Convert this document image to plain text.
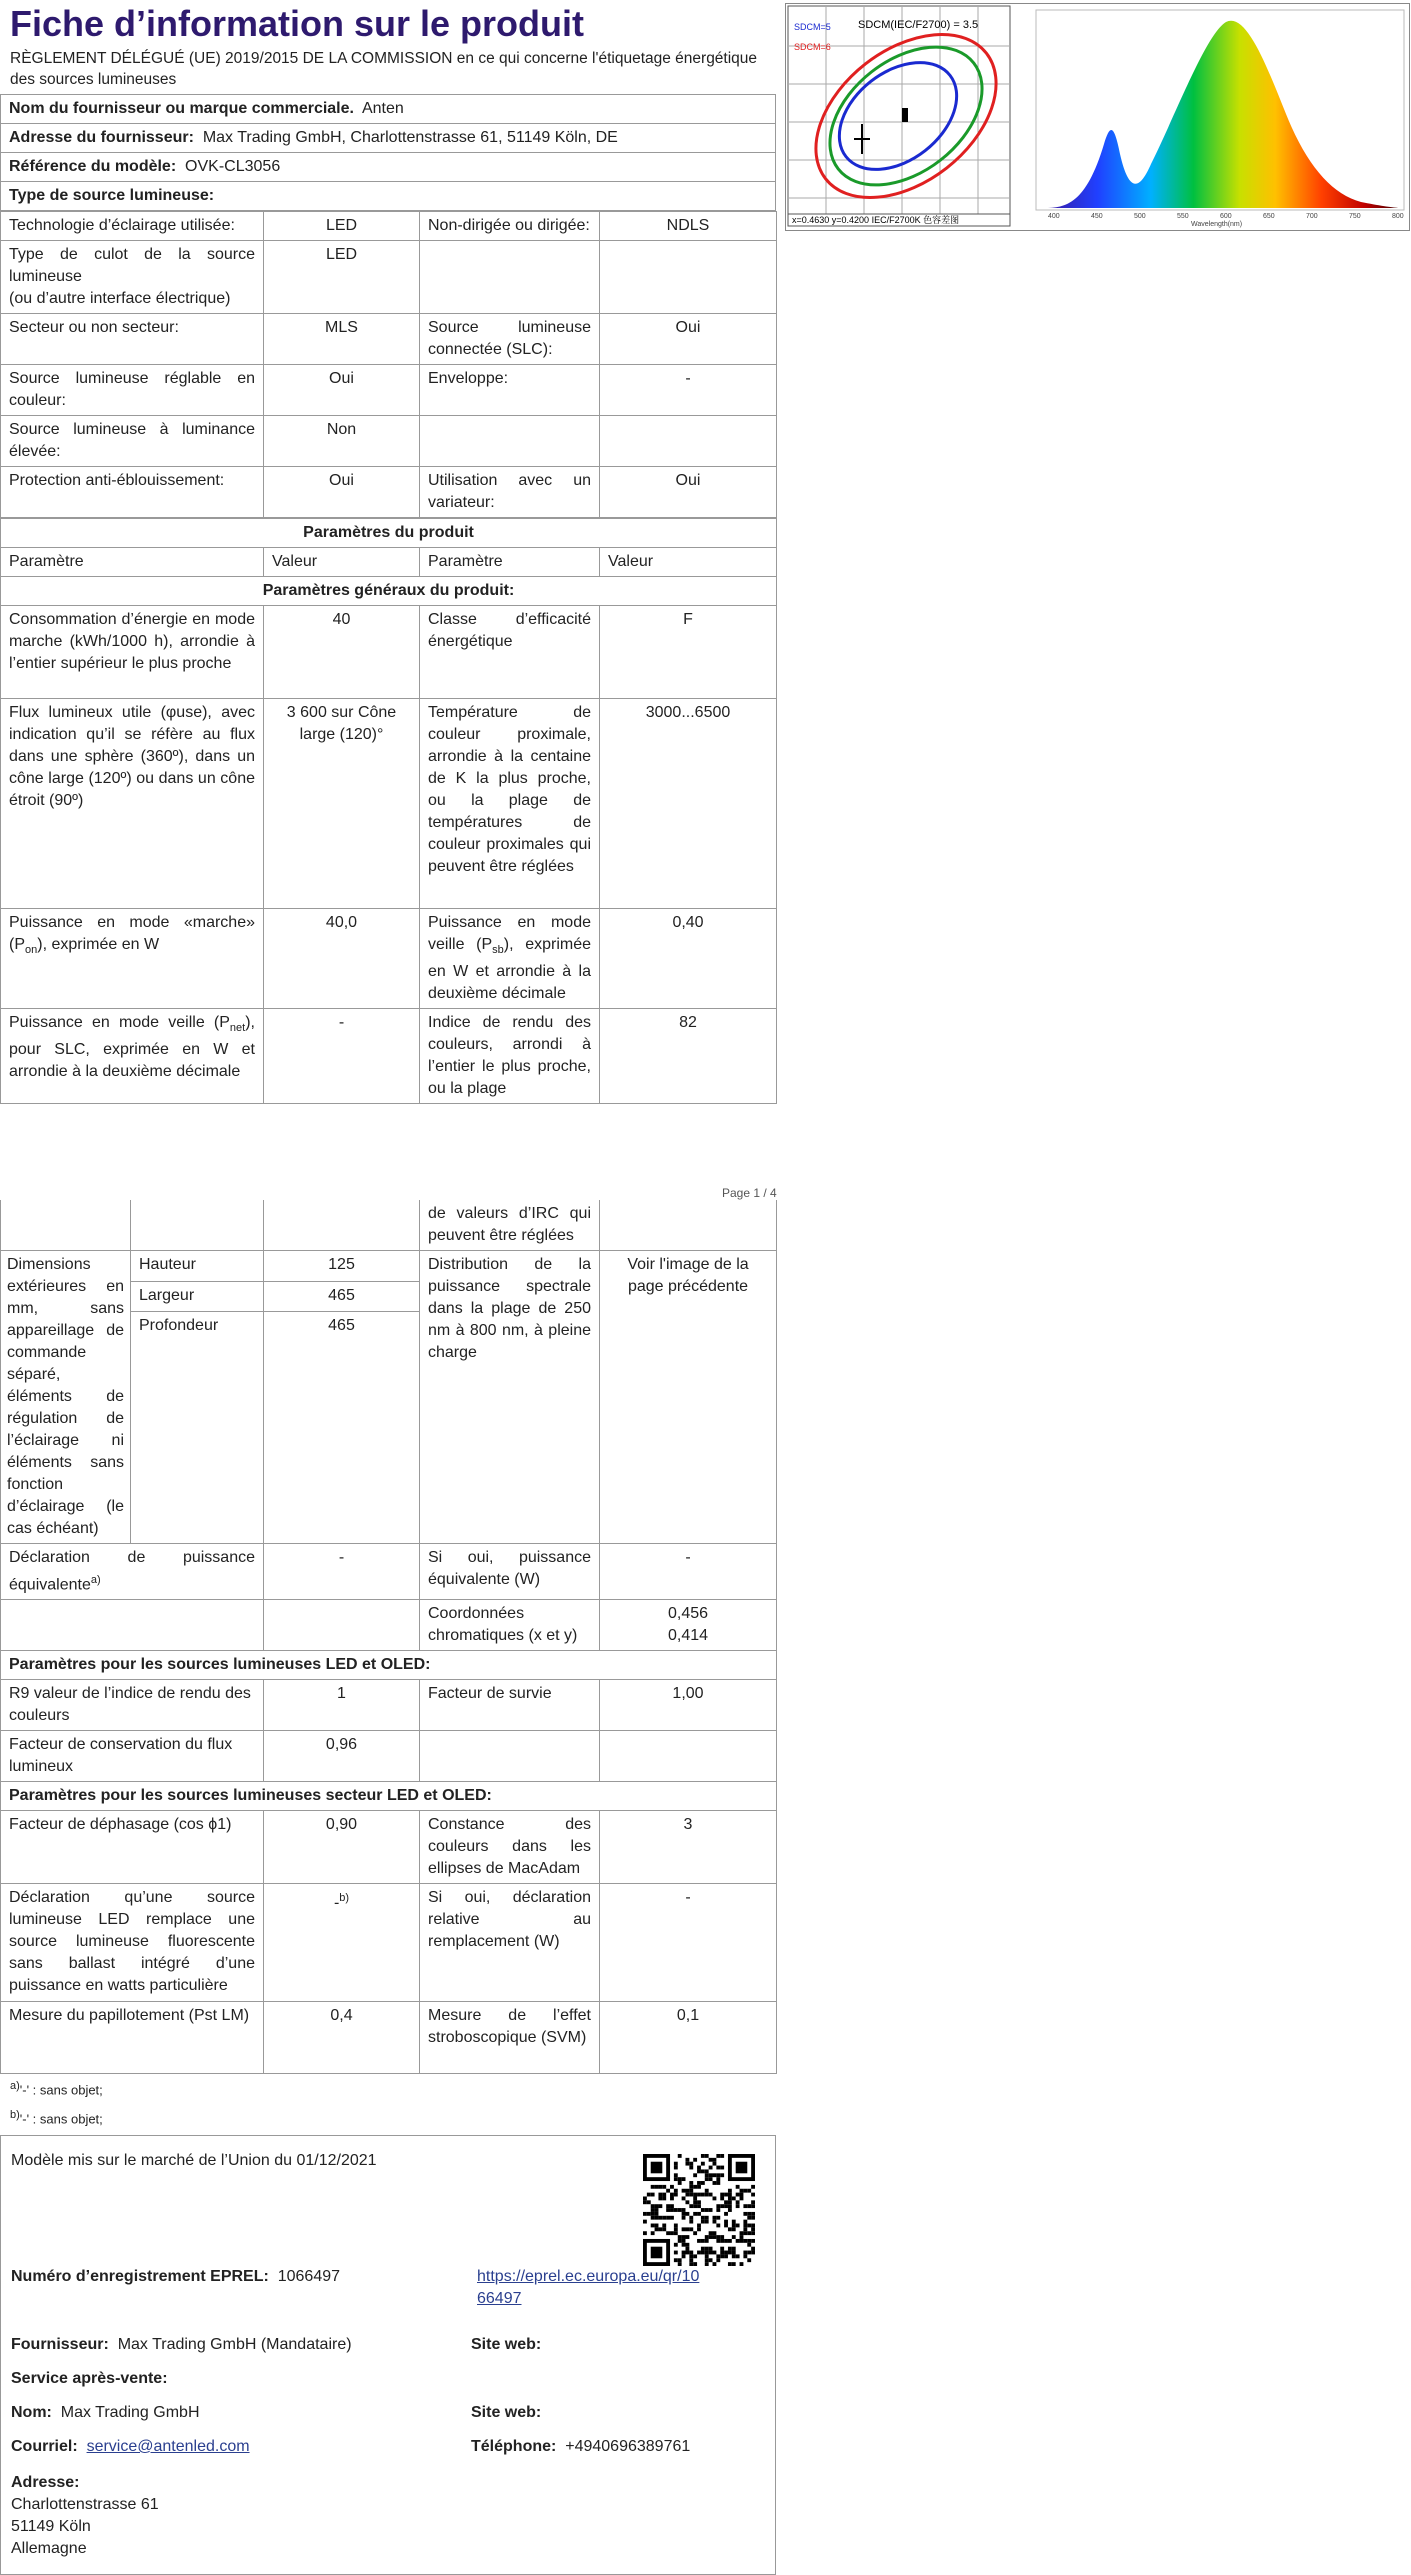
Fiche d’information sur le produit
RÈGLEMENT DÉLÉGUÉ (UE) 2019/2015 DE LA COMMISSION en ce qui concerne l'étiquetage énergétique des sources lumineuses
Nom du fournisseur ou marque commerciale. Anten
Adresse du fournisseur: Max Trading GmbH, Charlottenstrasse 61, 51149 Köln, DE
Référence du modèle: OVK-CL3056
Type de source lumineuse:
Technologie d’éclairage utilisée:	LED	Non-dirigée ou dirigée:	NDLS
Type de culot de la source lumineuse
(ou d’autre interface électrique)	LED		
Secteur ou non secteur:	MLS	Source lumineuse connectée (SLC):	Oui
Source lumineuse réglable en couleur:	Oui	Enveloppe:	-
Source lumineuse à luminance élevée:	Non		
Protection anti-éblouissement:	Oui	Utilisation avec un variateur:	Oui
Paramètres du produit			
Paramètre	Valeur	Paramètre	Valeur
Paramètres généraux du produit:			
Consommation d’énergie en mode marche (kWh/1000 h), arrondie à l’entier supérieur le plus proche	40	Classe d’efficacité énergétique	F
Flux lumineux utile (φuse), avec indication qu’il se réfère au flux dans une sphère (360º), dans un cône large (120º) ou dans un cône étroit (90º)	3 600 sur Cône large (120)°	Température de couleur proximale, arrondie à la centaine de K la plus proche, ou la plage de températures de couleur proximales qui peuvent être réglées	3000...6500
Puissance en mode «marche» $(P_{on})$, exprimée en W	40,0	Puissance en mode veille $(P_{sb})$, exprimée en W et arrondie à la deuxième décimale	0,40
Puissance en mode veille $(P_{net})$, pour SLC, exprimée en W et arrondie à la deuxième décimale	-	Indice de rendu des couleurs, arrondi à l’entier le plus proche, ou la plage	82
Page 1 / 4
			de valeurs d’IRC qui peuvent être réglées	
Dimensions extérieures en mm, sans appareillage de commande séparé, éléments de régulation de l’éclairage ni éléments sans fonction d’éclairage (le cas échéant)	Hauteur	125	Distribution de la puissance spectrale dans la plage de 250 nm à 800 nm, à pleine charge	Voir l'image de la page précédente
	Largeur	465		
	Profondeur	465		
Déclaration de puissance équivalente$^{a)}$		-	Si oui, puissance équivalente (W)	-
			Coordonnées chromatiques (x et y)	0,456
0,414

Paramètres pour les sources lumineuses LED et OLED:				
R9 valeur de l’indice de rendu des couleurs		1	Facteur de survie	1,00
Facteur de conservation du flux lumineux		0,96		
Paramètres pour les sources lumineuses secteur LED et OLED:				
Facteur de déphasage (cos ϕ1)		0,90	Constance des couleurs dans les ellipses de MacAdam	3
Déclaration qu’une source lumineuse LED remplace une source lumineuse fluorescente sans ballast intégré d’une puissance en watts particulière		-$^{b)}$	Si oui, déclaration relative au remplacement (W)	-
Mesure du papillotement (Pst LM)		0,4	Mesure de l’effet stroboscopique (SVM)	0,1
$^{a)}$'-' : sans objet;
$^{b)}$'-' : sans objet;
Modèle mis sur le marché de l’Union du 01/12/2021
Numéro d’enregistrement EPREL: 1066497	https://eprel.ec.europa.eu/qr/10
66497
Fournisseur: Max Trading GmbH (Mandataire)	Site web:
Service après-vente:
Nom: Max Trading GmbH	Site web:
Courriel: service@antenled.com	Téléphone: +4940696389761
Adresse:
Charlottenstrasse 61
51149 Köln
Allemagne
SDCM(IEC/F2700) = 3.5
SDCM=5
SDCM=6
x=0.4630 y=0.4200 IEC/F2700K 色容差图	400	450	500	550	600	650	700	750	800
Wavelength(nm)
